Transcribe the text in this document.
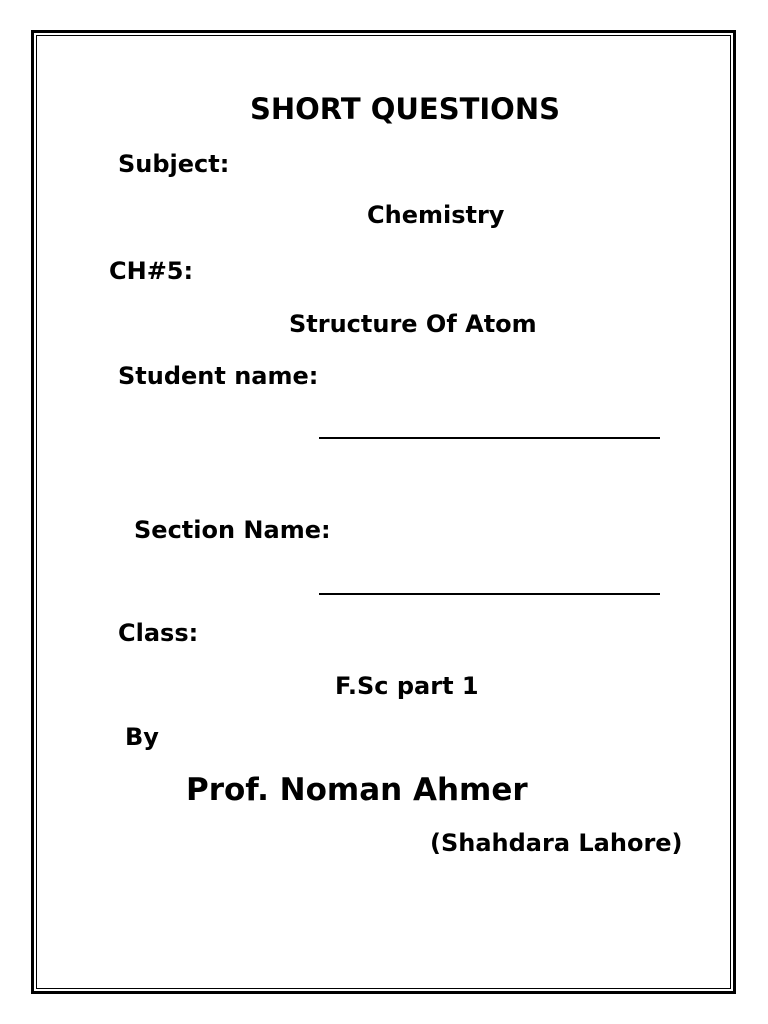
SHORT QUESTIONS
Subject:
Chemistry
CH#5:
Structure Of Atom
Student name:
Section Name:
Class:
F.Sc part 1
By
Prof. Noman Ahmer
(Shahdara Lahore)
